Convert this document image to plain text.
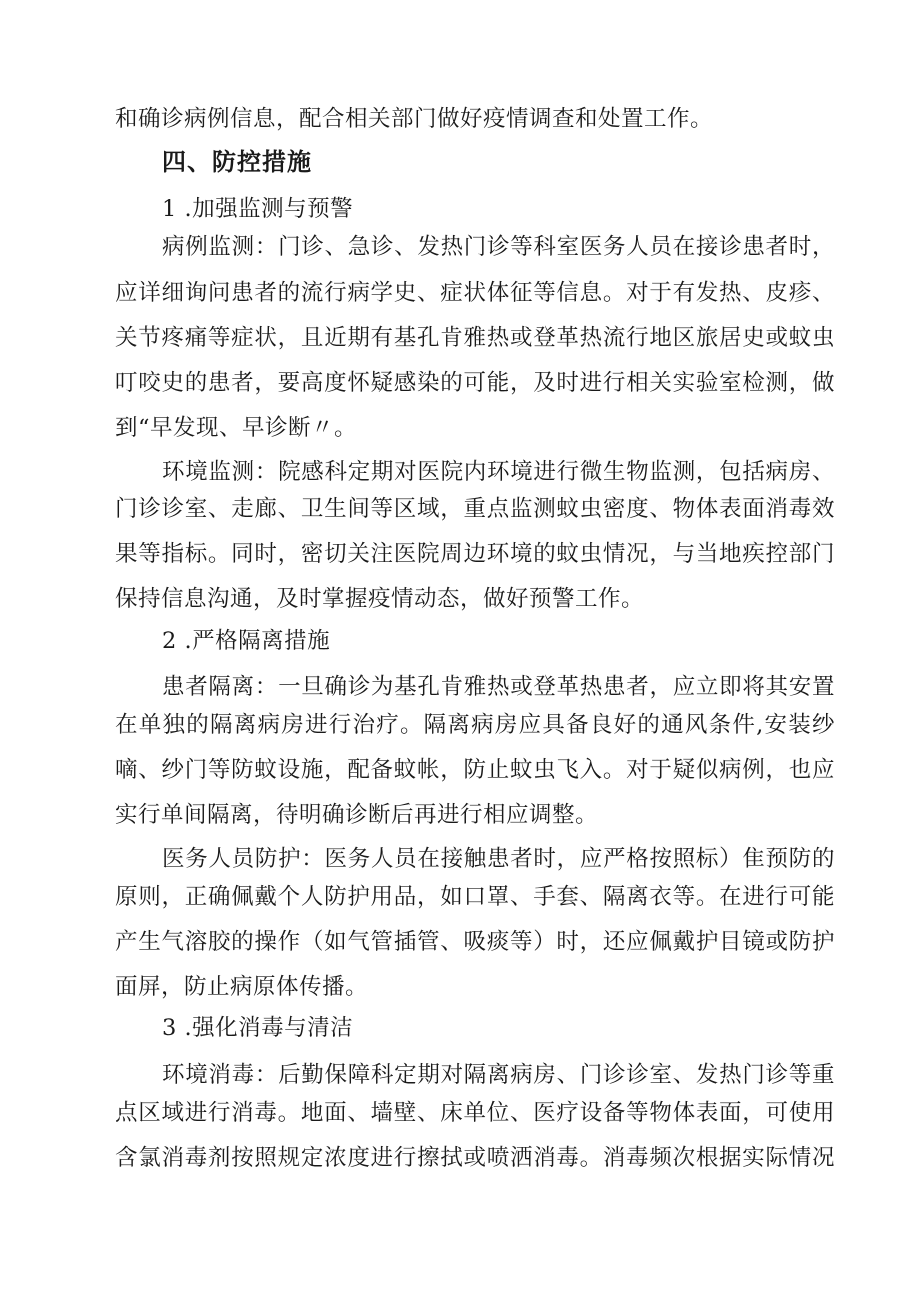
和确诊病例信息，配合相关部门做好疫情调查和处置工作。
四、防控措施
1 .加强监测与预警
病例监测：门诊、急诊、发热门诊等科室医务人员在接诊患者时，
应详细询问患者的流行病学史、症状体征等信息。对于有发热、皮疹、
关节疼痛等症状，且近期有基孔肯雅热或登革热流行地区旅居史或蚊虫
叮咬史的患者，要高度怀疑感染的可能，及时进行相关实验室检测，做
到“早发现、早诊断〃。
环境监测：院感科定期对医院内环境进行微生物监测，包括病房、
门诊诊室、走廊、卫生间等区域，重点监测蚊虫密度、物体表面消毒效
果等指标。同时，密切关注医院周边环境的蚊虫情况，与当地疾控部门
保持信息沟通，及时掌握疫情动态，做好预警工作。
2 .严格隔离措施
患者隔离：一旦确诊为基孔肯雅热或登革热患者，应立即将其安置
在单独的隔离病房进行治疗。隔离病房应具备良好的通风条件,安装纱
嘀、纱门等防蚊设施，配备蚊帐，防止蚊虫飞入。对于疑似病例，也应
实行单间隔离，待明确诊断后再进行相应调整。
医务人员防护：医务人员在接触患者时，应严格按照标）隹预防的
原则，正确佩戴个人防护用品，如口罩、手套、隔离衣等。在进行可能
产生气溶胶的操作（如气管插管、吸痰等）时，还应佩戴护目镜或防护
面屏，防止病原体传播。
3 .强化消毒与清洁
环境消毒：后勤保障科定期对隔离病房、门诊诊室、发热门诊等重
点区域进行消毒。地面、墙壁、床单位、医疗设备等物体表面，可使用
含氯消毒剂按照规定浓度进行擦拭或喷洒消毒。消毒频次根据实际情况
